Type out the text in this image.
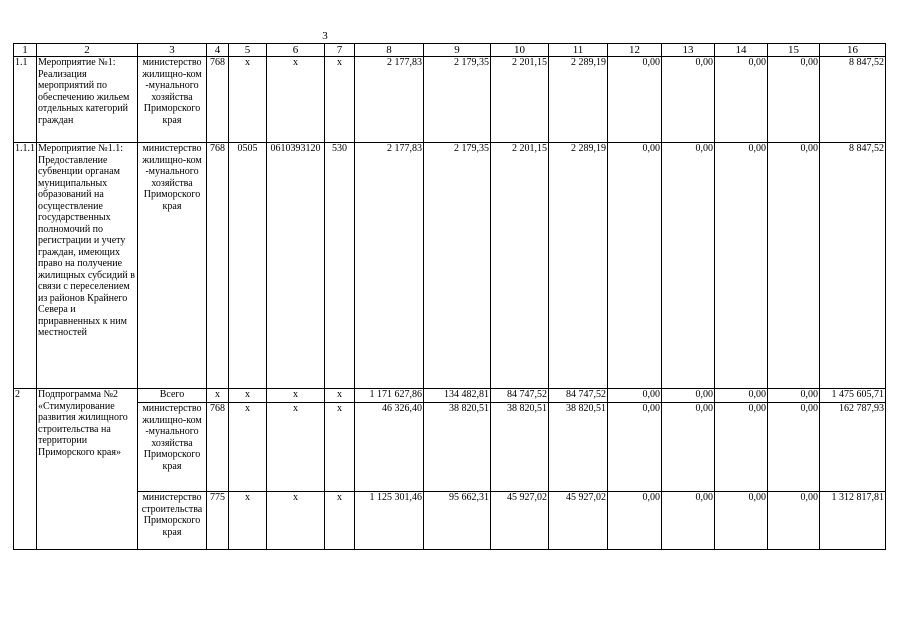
3
1	2	3	4	5	6	7	8	9	10	11	12	13	14	15	16
1.1	Мероприятие №1: Реализация мероприятий по обеспечению жильем отдельных категорий граждан	министерство жилищно-ком -мунального хозяйства Приморского края	768	х	х	х	2 177,83	2 179,35	2 201,15	2 289,19	0,00	0,00	0,00	0,00	8 847,52
1.1.1	Мероприятие №1.1: Предоставление субвенции органам муниципальных образований на осуществление государственных полномочий по регистрации и учету граждан, имеющих право на получение жилищных субсидий в связи с переселением из районов Крайнего Севера и приравненных к ним местностей	министерство жилищно-ком -мунального хозяйства Приморского края	768	0505	0610393120	530	2 177,83	2 179,35	2 201,15	2 289,19	0,00	0,00	0,00	0,00	8 847,52
2	Подпрограмма №2 «Стимулирование развития жилищного строительства на территории Приморского края»	Всего	х	х	х	х	1 171 627,86	134 482,81	84 747,52	84 747,52	0,00	0,00	0,00	0,00	1 475 605,71
		министерство жилищно-ком -мунального хозяйства Приморского края	768	х	х	х	46 326,40	38 820,51	38 820,51	38 820,51	0,00	0,00	0,00	0,00	162 787,93
		министерство строительства Приморского края	775	х	х	х	1 125 301,46	95 662,31	45 927,02	45 927,02	0,00	0,00	0,00	0,00	1 312 817,81
